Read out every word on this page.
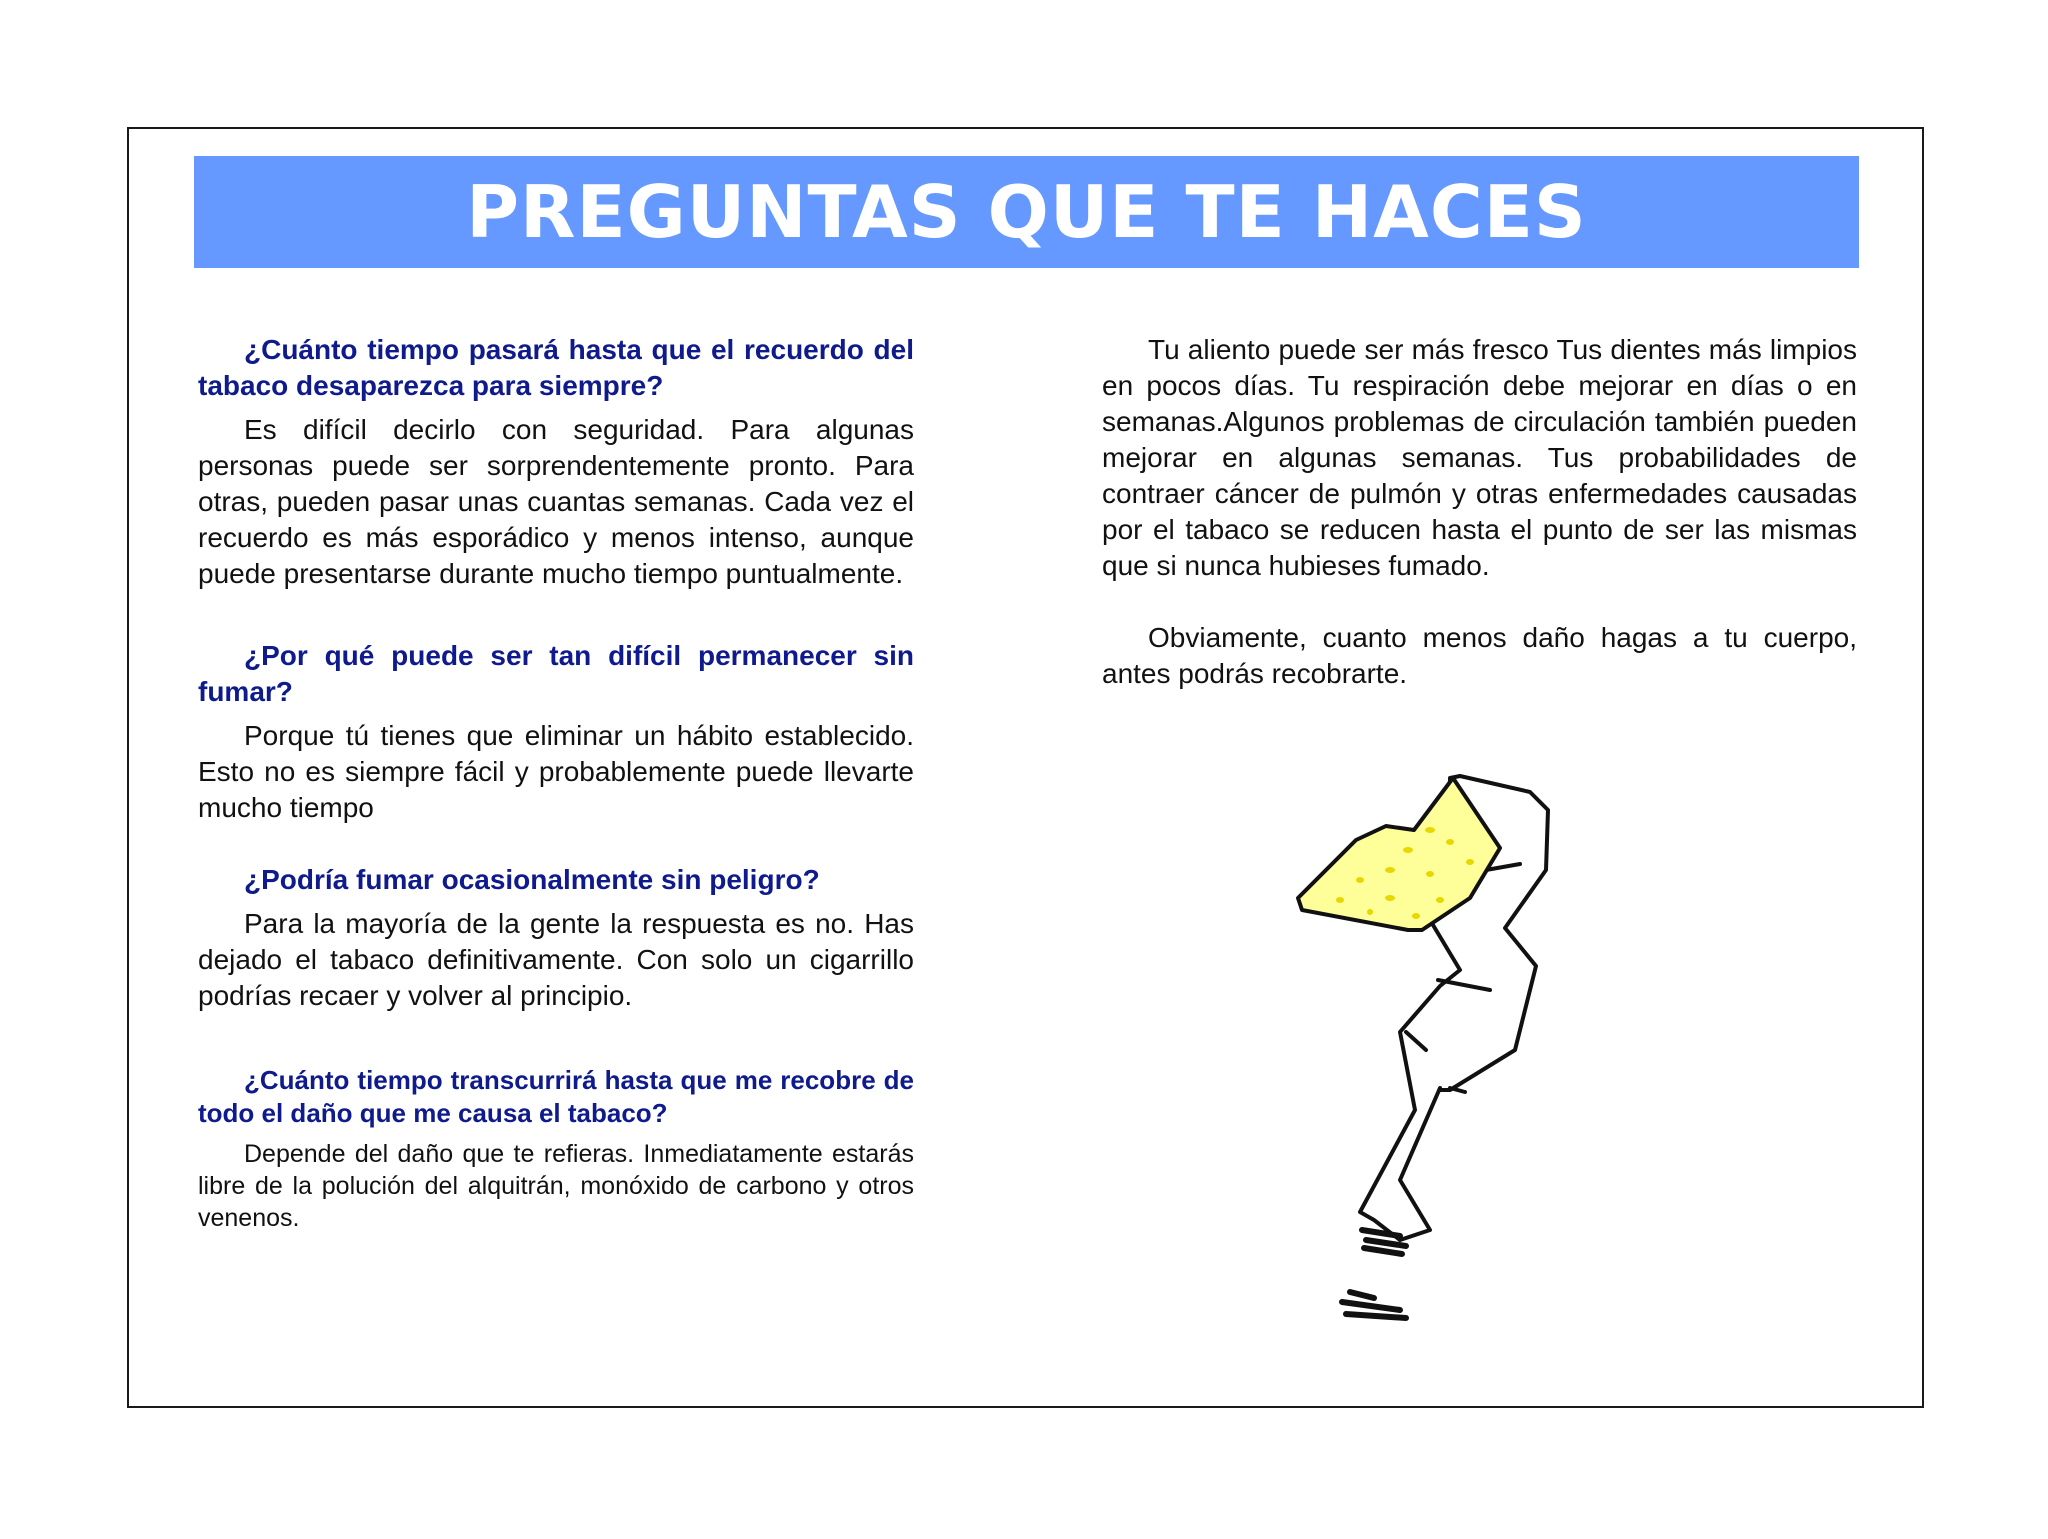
PREGUNTAS QUE TE HACES

¿Cuánto tiempo pasará hasta que el recuerdo del tabaco desaparezca para siempre?

Es difícil decirlo con seguridad. Para algunas personas puede ser sorprendentemente pronto. Para otras, pueden pasar unas cuantas semanas. Cada vez el recuerdo es más esporádico y menos intenso, aunque puede presentarse durante mucho tiempo puntualmente.

¿Por qué puede ser tan difícil permanecer sin fumar?

Porque tú tienes que eliminar un hábito establecido. Esto no es siempre fácil y probablemente puede llevarte mucho tiempo

¿Podría fumar ocasionalmente sin peligro?

Para la mayoría de la gente la respuesta es no. Has dejado el tabaco definitivamente. Con solo un cigarrillo podrías recaer y volver al principio.

¿Cuánto tiempo transcurrirá hasta que me recobre de todo el daño que me causa el tabaco?

Depende del daño que te refieras. Inmediatamente estarás libre de la polución del alquitrán, monóxido de carbono y otros venenos.

Tu aliento puede ser más fresco Tus dientes más limpios en pocos días. Tu respiración debe mejorar en días o en semanas.Algunos problemas de circulación también pueden mejorar en algunas semanas. Tus probabilidades de contraer cáncer de pulmón y otras enfermedades causadas por el tabaco se reducen hasta el punto de ser las mismas que si nunca hubieses fumado.

Obviamente, cuanto menos daño hagas a tu cuerpo, antes podrás recobrarte.
